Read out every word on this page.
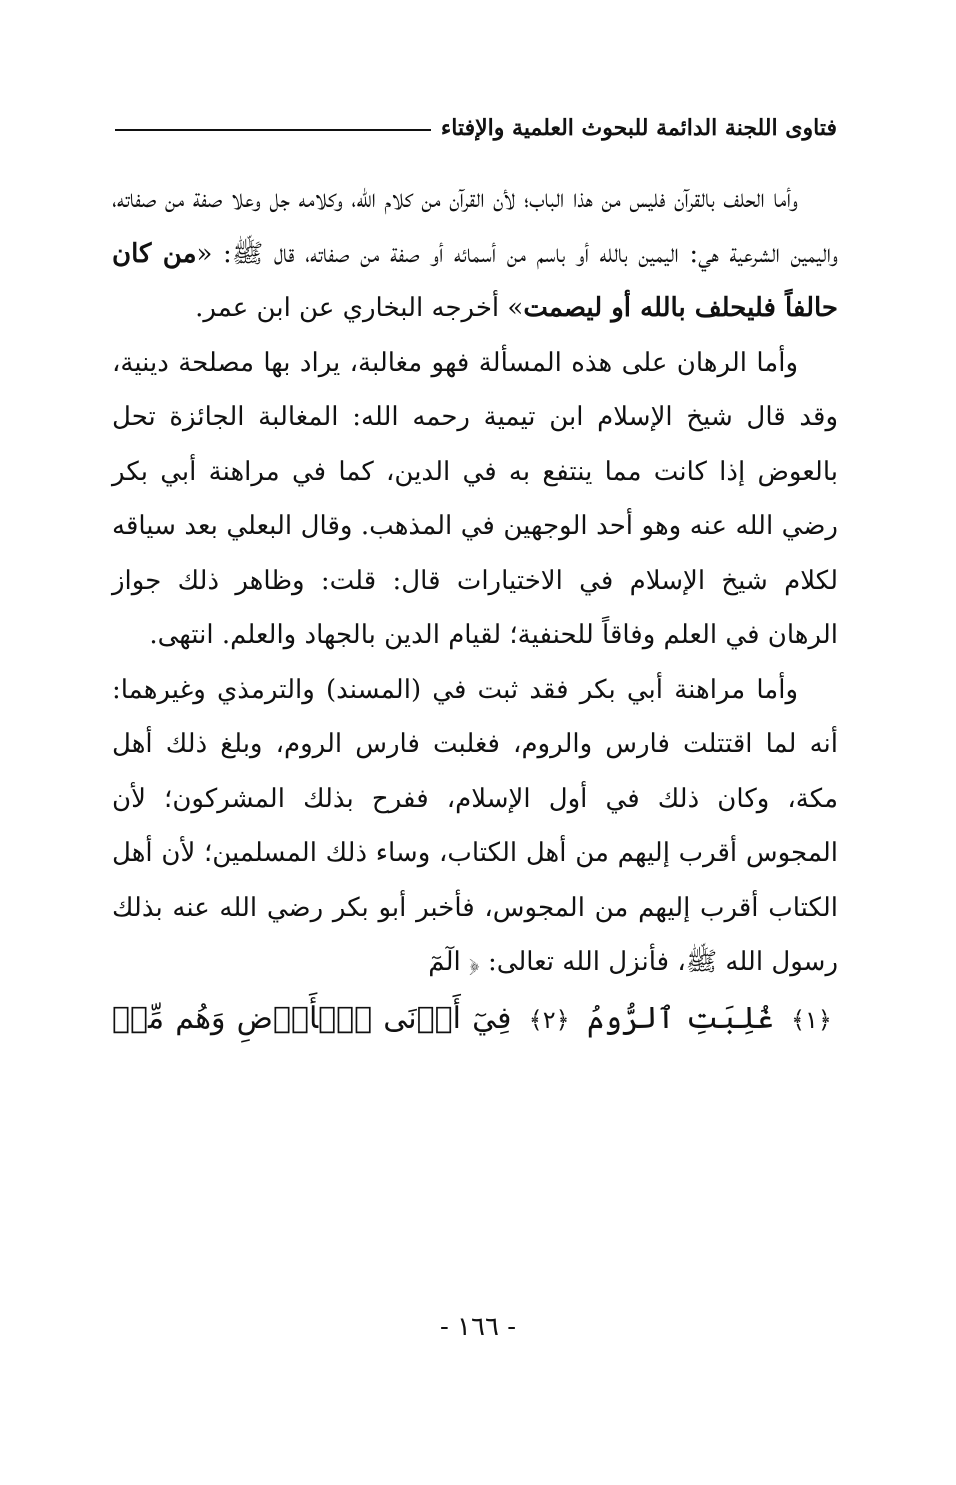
فتاوى اللجنة الدائمة للبحوث العلمية والإفتاء

وأما الحلف بالقرآن فليس من هذا الباب؛ لأن القرآن من كلام الله، وكلامه جل وعلا صفة من صفاته، واليمين الشرعية هي: اليمين بالله أو باسم من أسمائه أو صفة من صفاته، قال ﷺ: «من كان حالفاً فليحلف بالله أو ليصمت» أخرجه البخاري عن ابن عمر.

وأما الرهان على هذه المسألة فهو مغالبة، يراد بها مصلحة دينية، وقد قال شيخ الإسلام ابن تيمية رحمه الله: المغالبة الجائزة تحل بالعوض إذا كانت مما ينتفع به في الدين، كما في مراهنة أبي بكر رضي الله عنه وهو أحد الوجهين في المذهب. وقال البعلي بعد سياقه لكلام شيخ الإسلام في الاختيارات قال: قلت: وظاهر ذلك جواز الرهان في العلم وفاقاً للحنفية؛ لقيام الدين بالجهاد والعلم. انتهى.

وأما مراهنة أبي بكر فقد ثبت في (المسند) والترمذي وغيرهما: أنه لما اقتتلت فارس والروم، فغلبت فارس الروم، وبلغ ذلك أهل مكة، وكان ذلك في أول الإسلام، ففرح بذلك المشركون؛ لأن المجوس أقرب إليهم من أهل الكتاب، وساء ذلك المسلمين؛ لأن أهل الكتاب أقرب إليهم من المجوس، فأخبر أبو بكر رضي الله عنه بذلك رسول الله ﷺ، فأنزل الله تعالى: ﴿ الٓمٓ

﴿١﴾ غُلِبَتِ ٱلرُّومُ ﴿٢﴾ فِيٓ أَدۡنَى ٱلۡأَرۡضِ وَهُم مِّنۢ

- ١٦٦ -
